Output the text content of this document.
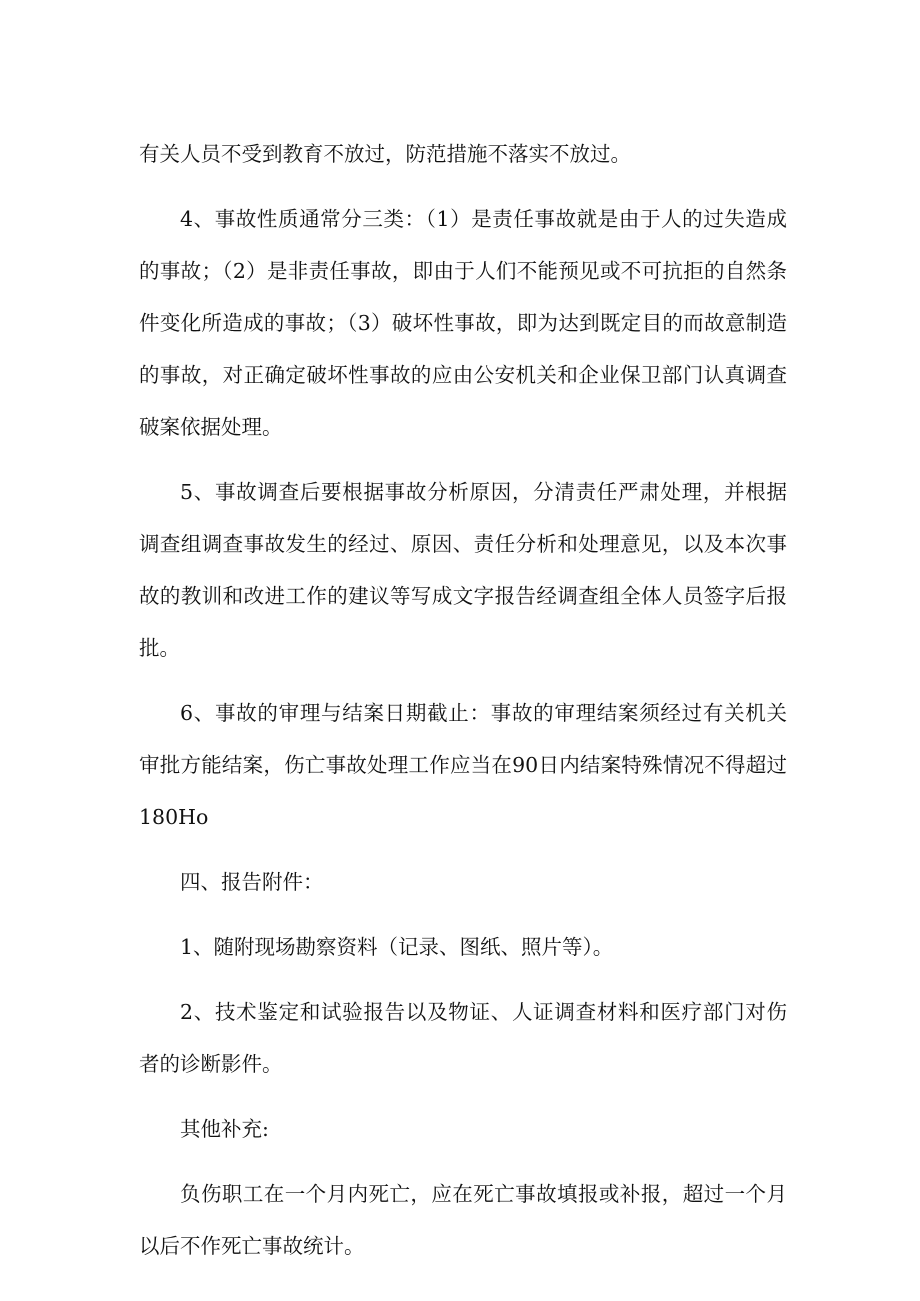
有关人员不受到教育不放过，防范措施不落实不放过。

4、事故性质通常分三类：（1）是责任事故就是由于人的过失造成的事故；（2）是非责任事故，即由于人们不能预见或不可抗拒的自然条件变化所造成的事故；（3）破坏性事故，即为达到既定目的而故意制造的事故，对正确定破坏性事故的应由公安机关和企业保卫部门认真调查破案依据处理。

5、事故调查后要根据事故分析原因，分清责任严肃处理，并根据调查组调查事故发生的经过、原因、责任分析和处理意见，以及本次事故的教训和改进工作的建议等写成文字报告经调查组全体人员签字后报批。

6、事故的审理与结案日期截止：事故的审理结案须经过有关机关审批方能结案，伤亡事故处理工作应当在90日内结案特殊情况不得超过180Ho

四、报告附件：

1、随附现场勘察资料（记录、图纸、照片等）。

2、技术鉴定和试验报告以及物证、人证调查材料和医疗部门对伤者的诊断影件。

其他补充:

负伤职工在一个月内死亡，应在死亡事故填报或补报，超过一个月以后不作死亡事故统计。
